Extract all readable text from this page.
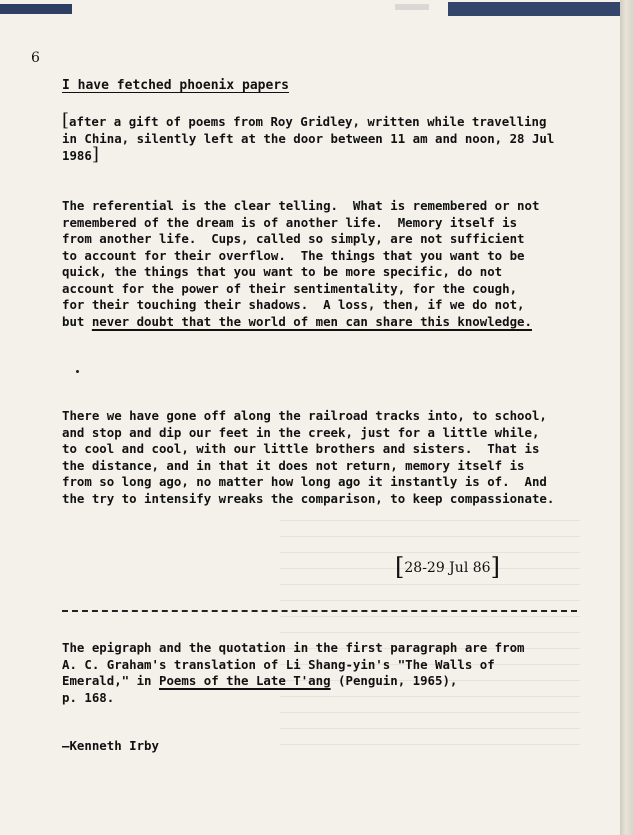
6
I have fetched phoenix papers
[after a gift of poems from Roy Gridley, written while travelling
in China, silently left at the door between 11 am and noon, 28 Jul
1986]
The referential is the clear telling.  What is remembered or not
remembered of the dream is of another life.  Memory itself is
from another life.  Cups, called so simply, are not sufficient
to account for their overflow.  The things that you want to be
quick, the things that you want to be more specific, do not
account for the power of their sentimentality, for the cough,
for their touching their shadows.  A loss, then, if we do not,
but never doubt that the world of men can share this knowledge.
There we have gone off along the railroad tracks into, to school,
and stop and dip our feet in the creek, just for a little while,
to cool and cool, with our little brothers and sisters.  That is
the distance, and in that it does not return, memory itself is
from so long ago, no matter how long ago it instantly is of.  And
the try to intensify wreaks the comparison, to keep compassionate.
[28-29 Jul 86]
The epigraph and the quotation in the first paragraph are from
A. C. Graham's translation of Li Shang-yin's "The Walls of
Emerald," in Poems of the Late T'ang (Penguin, 1965),
p. 168.
—Kenneth Irby
